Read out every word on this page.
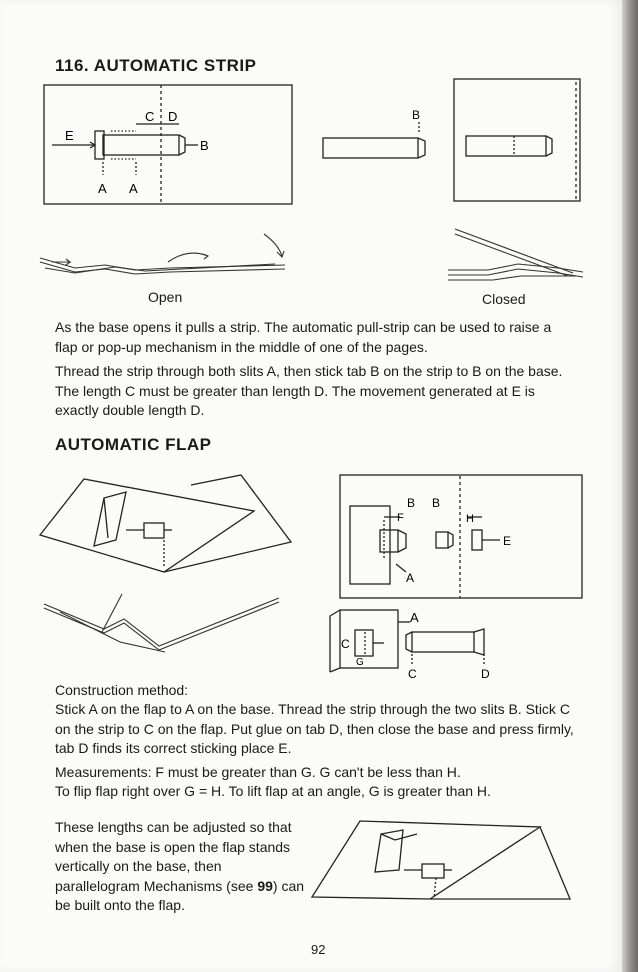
116. AUTOMATIC STRIP
C D
E
B
A A
B
B B
F	H
E
A
A
C
G
C	D
Open	Closed

As the base opens it pulls a strip. The automatic pull-strip can be used to raise a flap or pop-up mechanism in the middle of one of the pages.

Thread the strip through both slits A, then stick tab B on the strip to B on the base. The length C must be greater than length D. The movement generated at E is exactly double length D.

AUTOMATIC FLAP

Construction method:

Stick A on the flap to A on the base. Thread the strip through the two slits B. Stick C on the strip to C on the flap. Put glue on tab D, then close the base and press firmly, tab D finds its correct sticking place E.

Measurements: F must be greater than G. G can't be less than H.

To flip flap right over G = H. To lift flap at an angle, G is greater than H.

These lengths can be adjusted so that when the base is open the flap stands vertically on the base, then parallelogram Mechanisms (see 99) can be built onto the flap.

92
